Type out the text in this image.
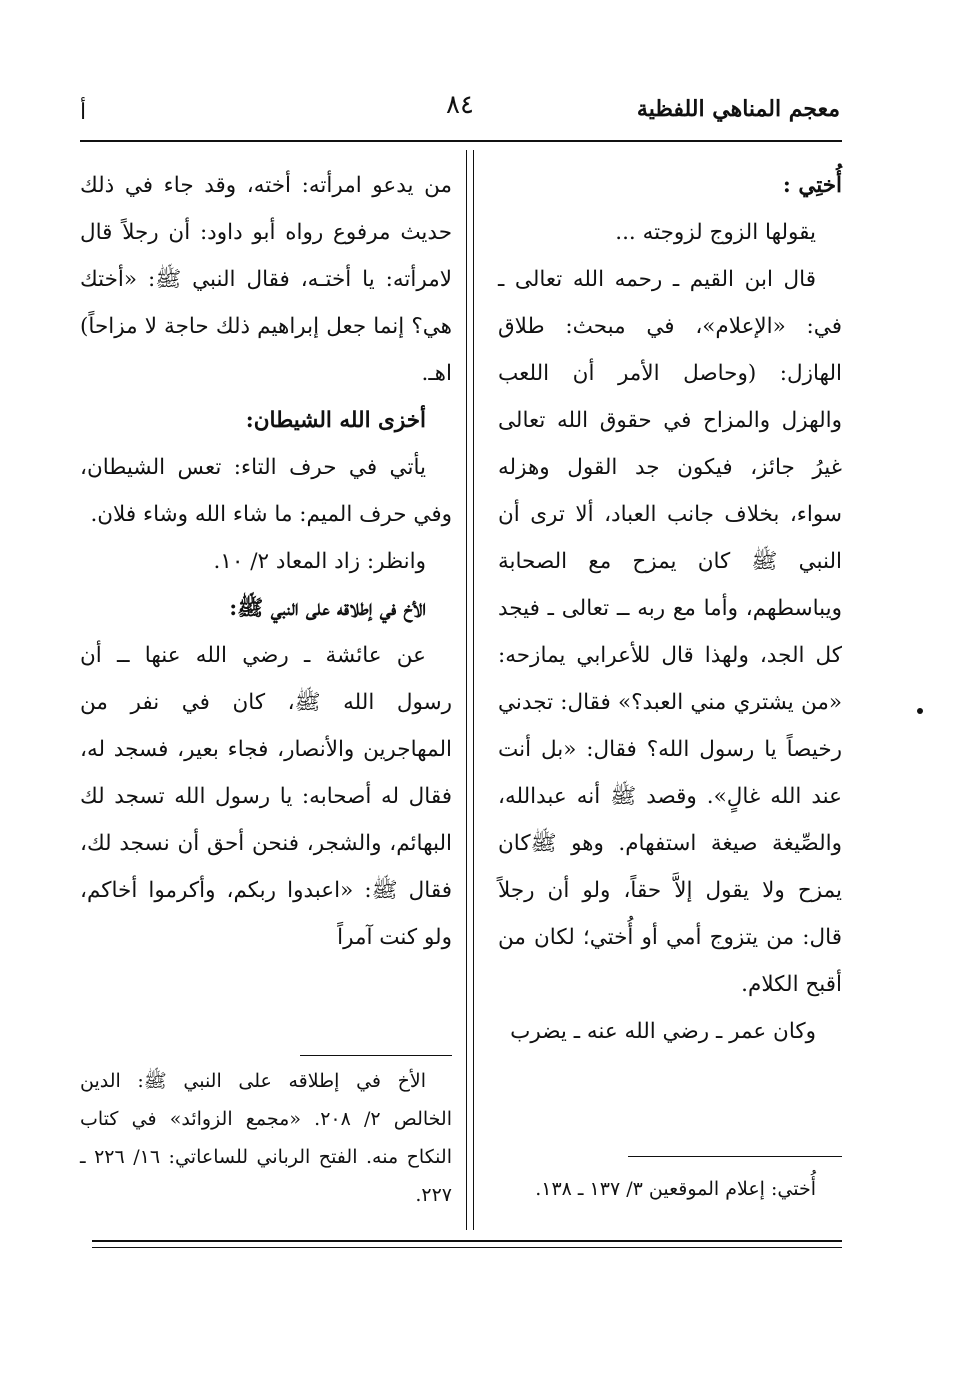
معجم المناهي اللفظية
٨٤
أ

أُختِي :

يقولها الزوج لزوجته ...

قال ابن القيم ـ رحمه الله تعالى ـ في: «الإعلام»، في مبحث: طلاق الهازل: (وحاصل الأمر أن اللعب والهزل والمزاح في حقوق الله تعالى غيرُ جائز، فيكون جد القول وهزله سواء، بخلاف جانب العباد، ألا ترى أن النبي ﷺ كان يمزح مع الصحابة ويباسطهم، وأما مع ربه ــ تعالى ـ فيجد كل الجد، ولهذا قال للأعرابي يمازحه: «من يشتري مني العبد؟» فقال: تجدني رخيصاً يا رسول الله؟ فقال: «بل أنت عند الله غالٍ». وقصد ﷺ أنه عبدالله، والصِّيغة صيغة استفهام. وهو ﷺكان يمزح ولا يقول إلاَّ حقاً، ولو أن رجلاً قال: من يتزوج أمي أو أُختي؛ لكان من أقبح الكلام.

وكان عمر ـ رضي الله عنه ـ يضرب

من يدعو امرأته: أخته، وقد جاء في ذلك حديث مرفوع رواه أبو داود: أن رجلاً قال لامرأته: يا أختـه، فقال النبي ﷺ: «أختك هي؟ إنما جعل إبراهيم ذلك حاجة لا مزاحاً) اهـ.

أخزى الله الشيطان:

يأتي في حرف التاء: تعس الشيطان، وفي حرف الميم: ما شاء الله وشاء فلان.

وانظر: زاد المعاد ٢/ ١٠.

الأخ في إطلاقه على النبي ﷺ:

عن عائشة ـ رضي الله عنها ــ أن رسول الله ﷺ، كان في نفر من المهاجرين والأنصار، فجاء بعير، فسجد له، فقال له أصحابه: يا رسول الله تسجد لك البهائم، والشجر، فنحن أحق أن نسجد لك، فقال ﷺ: «اعبدوا ربكم، وأكرموا أخاكم، ولو كنت آمراً

الأخ في إطلاقه على النبي ﷺ: الدين الخالص ٢/ ٢٠٨. «مجمع الزوائد» في كتاب النكاح منه. الفتح الرباني للساعاتي: ١٦/ ٢٢٦ ـ ٢٢٧.	أُختي: إعلام الموقعين ٣/ ١٣٧ ـ ١٣٨.
